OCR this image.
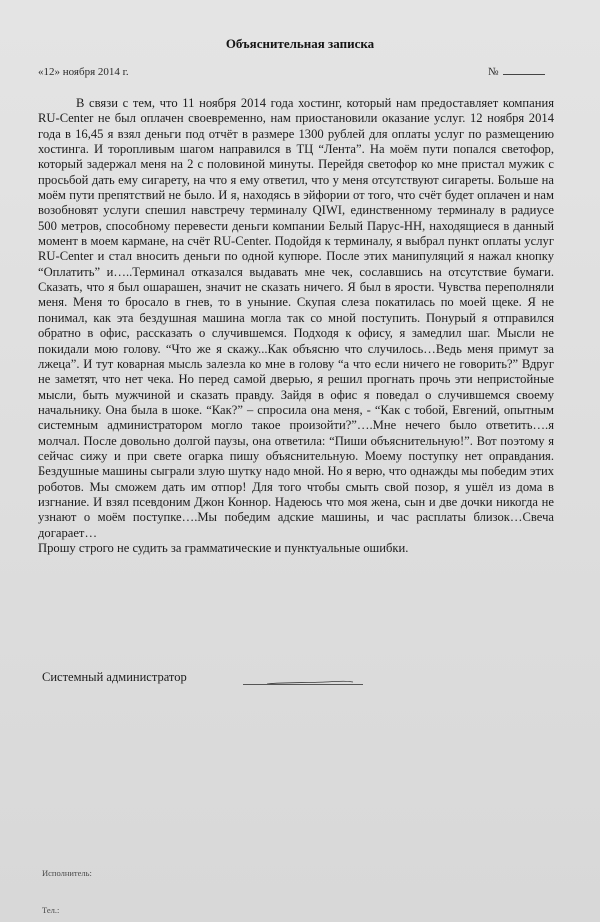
Объяснительная записка
«12» ноября 2014 г.	№

В связи с тем, что 11 ноября 2014 года хостинг, который нам предоставляет компания RU-Center не был оплачен своевременно, нам приостановили оказание услуг. 12 ноября 2014 года в 16,45 я взял деньги под отчёт в размере 1300 рублей для оплаты услуг по размещению хостинга. И торопливым шагом направился в ТЦ “Лента”. На моём пути попался светофор, который задержал меня на 2 с половиной минуты. Перейдя светофор ко мне пристал мужик с просьбой дать ему сигарету, на что я ему ответил, что у меня отсутствуют сигареты. Больше на моём пути препятствий не было. И я, находясь в эйфории от того, что счёт будет оплачен и нам возобновят услуги спешил навстречу терминалу QIWI, единственному терминалу в радиусе 500 метров, способному перевести деньги компании Белый Парус-НН, находящиеся в данный момент в моем кармане, на счёт RU-Center. Подойдя к терминалу, я выбрал пункт оплаты услуг RU-Center и стал вносить деньги по одной купюре. После этих манипуляций я нажал кнопку “Оплатить” и…..Терминал отказался выдавать мне чек, сославшись на отсутствие бумаги. Сказать, что я был ошарашен, значит не сказать ничего. Я был в ярости. Чувства переполняли меня. Меня то бросало в гнев, то в уныние. Скупая слеза покатилась по моей щеке. Я не понимал, как эта бездушная машина могла так со мной поступить. Понурый я отправился обратно в офис, рассказать о случившемся. Подходя к офису, я замедлил шаг. Мысли не покидали мою голову. “Что же я скажу...Как объясню что случилось…Ведь меня примут за лжеца”. И тут коварная мысль залезла ко мне в голову “а что если ничего не говорить?” Вдруг не заметят, что нет чека. Но перед самой дверью, я решил прогнать прочь эти непристойные мысли, быть мужчиной и сказать правду. Зайдя в офис я поведал о случившемся своему начальнику. Она была в шоке. “Как?” – спросила она меня, - “Как с тобой, Евгений, опытным системным администратором могло такое произойти?”….Мне нечего было ответить….я молчал. После довольно долгой паузы, она ответила: “Пиши объяснительную!”. Вот поэтому я сейчас сижу и при свете огарка пишу объяснительную. Моему поступку нет оправдания. Бездушные машины сыграли злую шутку надо мной. Но я верю, что однажды мы победим этих роботов. Мы сможем дать им отпор! Для того чтобы смыть свой позор, я ушёл из дома в изгнание. И взял псевдоним Джон Коннор. Надеюсь что моя жена, сын и две дочки никогда не узнают о моём поступке….Мы победим адские машины, и час расплаты близок…Свеча догарает…

Прошу строго не судить за грамматические и пунктуальные ошибки.

Системный администратор
Исполнитель:
Тел.:
